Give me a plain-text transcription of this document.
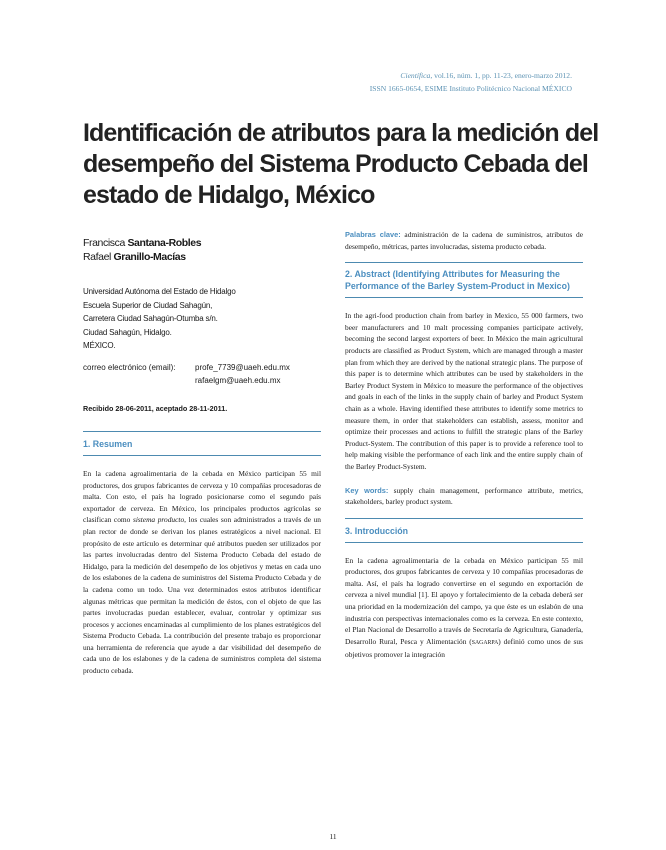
Científica, vol.16, núm. 1, pp. 11-23, enero-marzo 2012.
ISSN 1665-0654, ESIME Instituto Politécnico Nacional MÉXICO
Identificación de atributos para la medición del desempeño del Sistema Producto Cebada del estado de Hidalgo, México
Francisca Santana-Robles
Rafael Granillo-Macías
Universidad Autónoma del Estado de Hidalgo
Escuela Superior de Ciudad Sahagún,
Carretera Ciudad Sahagún-Otumba s/n.
Ciudad Sahagún, Hidalgo.
MÉXICO.
correo electrónico (email):	profe_7739@uaeh.edu.mx
rafaelgm@uaeh.edu.mx
Recibido 28-06-2011, aceptado 28-11-2011.
1. Resumen

En la cadena agroalimentaria de la cebada en México participan 55 mil productores, dos grupos fabricantes de cerveza y 10 compañías procesadoras de malta. Con esto, el país ha logrado posicionarse como el segundo país exportador de cerveza. En México, los principales productos agrícolas se clasifican como sistema producto, los cuales son administrados a través de un plan rector de donde se derivan los planes estratégicos a nivel nacional. El propósito de este artículo es determinar qué atributos pueden ser utilizados por las partes involucradas dentro del Sistema Producto Cebada del estado de Hidalgo, para la medición del desempeño de los objetivos y metas en cada uno de los eslabones de la cadena de suministros del Sistema Producto Cebada y de la cadena como un todo. Una vez determinados estos atributos identificar algunas métricas que permitan la medición de éstos, con el objeto de que las partes involucradas puedan establecer, evaluar, controlar y optimizar sus procesos y acciones encaminadas al cumplimiento de los planes estratégicos del Sistema Producto Cebada. La contribución del presente trabajo es proporcionar una herramienta de referencia que ayude a dar visibilidad del desempeño de cada uno de los eslabones y de la cadena de suministros completa del sistema producto cebada.

Palabras clave: administración de la cadena de suministros, atributos de desempeño, métricas, partes involucradas, sistema producto cebada.

2. Abstract (Identifying Attributes for Measuring the Performance of the Barley System-Product in Mexico)

In the agri-food production chain from barley in Mexico, 55 000 farmers, two beer manufacturers and 10 malt processing companies participate actively, becoming the second largest exporters of beer. In México the main agricultural products are classified as Product System, which are managed through a master plan from which they are derived by the national strategic plans. The purpose of this paper is to determine which attributes can be used by stakeholders in the Barley Product System in México to measure the performance of the objectives and goals in each of the links in the supply chain of barley and Product System chain as a whole. Having identified these attributes to identify some metrics to measure them, in order that stakeholders can establish, assess, monitor and optimize their processes and actions to fulfill the strategic plans of the Barley Product-System. The contribution of this paper is to provide a reference tool to help making visible the performance of each link and the entire supply chain of the Barley Product-System.

Key words: supply chain management, performance attribute, metrics, stakeholders, barley product system.

3. Introducción

En la cadena agroalimentaria de la cebada en México participan 55 mil productores, dos grupos fabricantes de cerveza y 10 compañías procesadoras de malta. Así, el país ha logrado convertirse en el segundo en exportación de cerveza a nivel mundial [1]. El apoyo y fortalecimiento de la cebada deberá ser una prioridad en la modernización del campo, ya que éste es un eslabón de una industria con perspectivas internacionales como es la cerveza. En este contexto, el Plan Nacional de Desarrollo a través de Secretaría de Agricultura, Ganadería, Desarrollo Rural, Pesca y Alimentación (SAGARPA) definió como unos de sus objetivos promover la integración

11
